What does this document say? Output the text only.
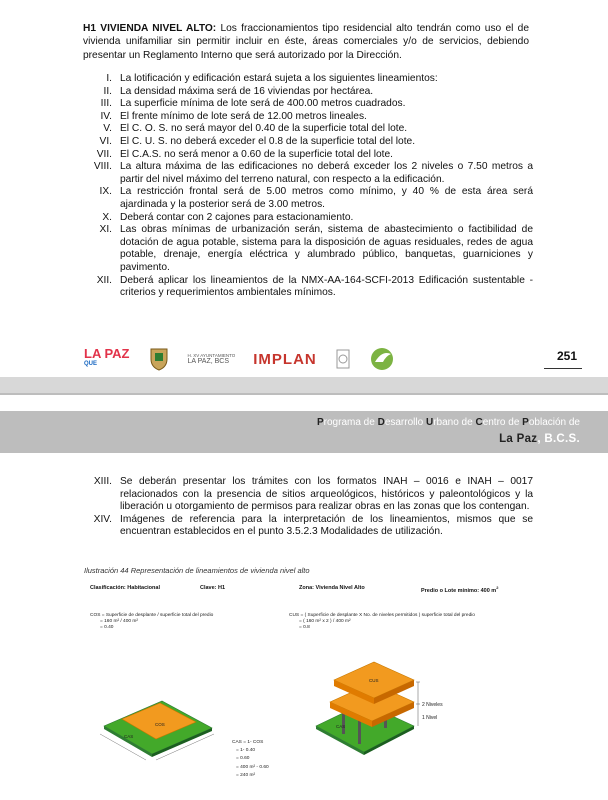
H1 VIVIENDA NIVEL ALTO: Los fraccionamientos tipo residencial alto tendrán como uso el de vivienda unifamiliar sin permitir incluir en éste, áreas comerciales y/o de servicios, debiendo presentar un Reglamento Interno que será autorizado por la Dirección.
I. La lotificación y edificación estará sujeta a los siguientes lineamientos:
II. La densidad máxima será de 16 viviendas por hectárea.
III. La superficie mínima de lote será de 400.00 metros cuadrados.
IV. El frente mínimo de lote será de 12.00 metros lineales.
V. El C. O. S. no será mayor del 0.40 de la superficie total del lote.
VI. El C. U. S. no deberá exceder el 0.8 de la superficie total del lote.
VII. El C.A.S. no será menor a 0.60 de la superficie total del lote.
VIII. La altura máxima de las edificaciones no deberá exceder los 2 niveles o 7.50 metros a partir del nivel máximo del terreno natural, con respecto a la edificación.
IX. La restricción frontal será de 5.00 metros como mínimo, y 40 % de esta área será ajardinada y la posterior será de 3.00 metros.
X. Deberá contar con 2 cajones para estacionamiento.
XI. Las obras mínimas de urbanización serán, sistema de abastecimiento o factibilidad de dotación de agua potable, sistema para la disposición de aguas residuales, redes de agua potable, drenaje, energía eléctrica y alumbrado público, banquetas, guarniciones y pavimento.
XII. Deberá aplicar los lineamientos de la NMX-AA-164-SCFI-2013 Edificación sustentable - criterios y requerimientos ambientales mínimos.
LA PAZ
QUE
H. XV AYUNTAMIENTO
LA PAZ, BCS	IMPLAN	251
Programa de Desarrollo Urbano de Centro de Población de
La Paz, B.C.S.
XIII. Se deberán presentar los trámites con los formatos INAH – 0016 e INAH – 0017 relacionados con la presencia de sitios arqueológicos, históricos y paleontológicos y la liberación u otorgamiento de permisos para realizar obras en las zonas que los contengan.
XIV. Imágenes de referencia para la interpretación de los lineamientos, mismos que se encuentran establecidos en el punto 3.5.2.3 Modalidades de utilización.
Ilustración 44 Representación de lineamientos de vivienda nivel alto
Clasificación: Habitacional	Clave: H1	Zona: Vivienda Nivel Alto	Predio o Lote mínimo: 400 $m^2$
COS = Superficie de desplante / superficie total del predio
= 160 m² / 400 m²
= 0.40
CUS = ( Superficie de desplante X No. de niveles permitidos ) superficie total del predio
= ( 160 m² x 2 ) / 400 m²
= 0.8
COS
CAS
CUS
CAS
2 Niveles
1 Nivel
CAS = 1- COS
= 1- 0.40
= 0.60
= 400 m² - 0.60
= 240 m²
